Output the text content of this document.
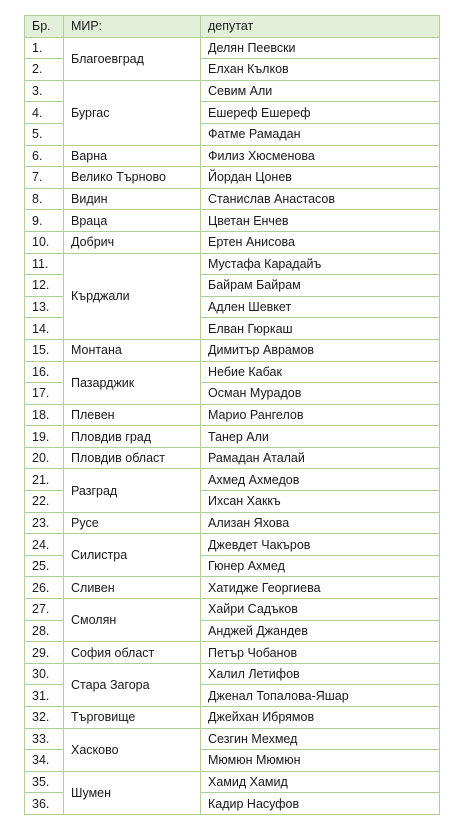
Бр.	МИР:	депутат
1.	Благоевград	Делян Пеевски
2.		Елхан Кълков
3.	Бургас	Севим Али
4.		Ешереф Ешереф
5.		Фатме Рамадан
6.	Варна	Филиз Хюсменова
7.	Велико Търново	Йордан Цонев
8.	Видин	Станислав Анастасов
9.	Враца	Цветан Енчев
10.	Добрич	Ертен Анисова
11.	Кърджали	Мустафа Карадайъ
12.		Байрам Байрам
13.		Адлен Шевкет
14.		Елван Гюркаш
15.	Монтана	Димитър Аврамов
16.	Пазарджик	Небие Кабак
17.		Осман Мурадов
18.	Плевен	Марио Рангелов
19.	Пловдив град	Танер Али
20.	Пловдив област	Рамадан Аталай
21.	Разград	Ахмед Ахмедов
22.		Ихсан Хаккъ
23.	Русе	Ализан Яхова
24.	Силистра	Джевдет Чакъров
25.		Гюнер Ахмед
26.	Сливен	Хатидже Георгиева
27.	Смолян	Хайри Садъков
28.		Анджей Джандев
29.	София област	Петър Чобанов
30.	Стара Загора	Халил Летифов
31.		Дженал Топалова-Яшар
32.	Търговище	Джейхан Ибрямов
33.	Хасково	Сезгин Мехмед
34.		Мюмюн Мюмюн
35.	Шумен	Хамид Хамид
36.		Кадир Насуфов
